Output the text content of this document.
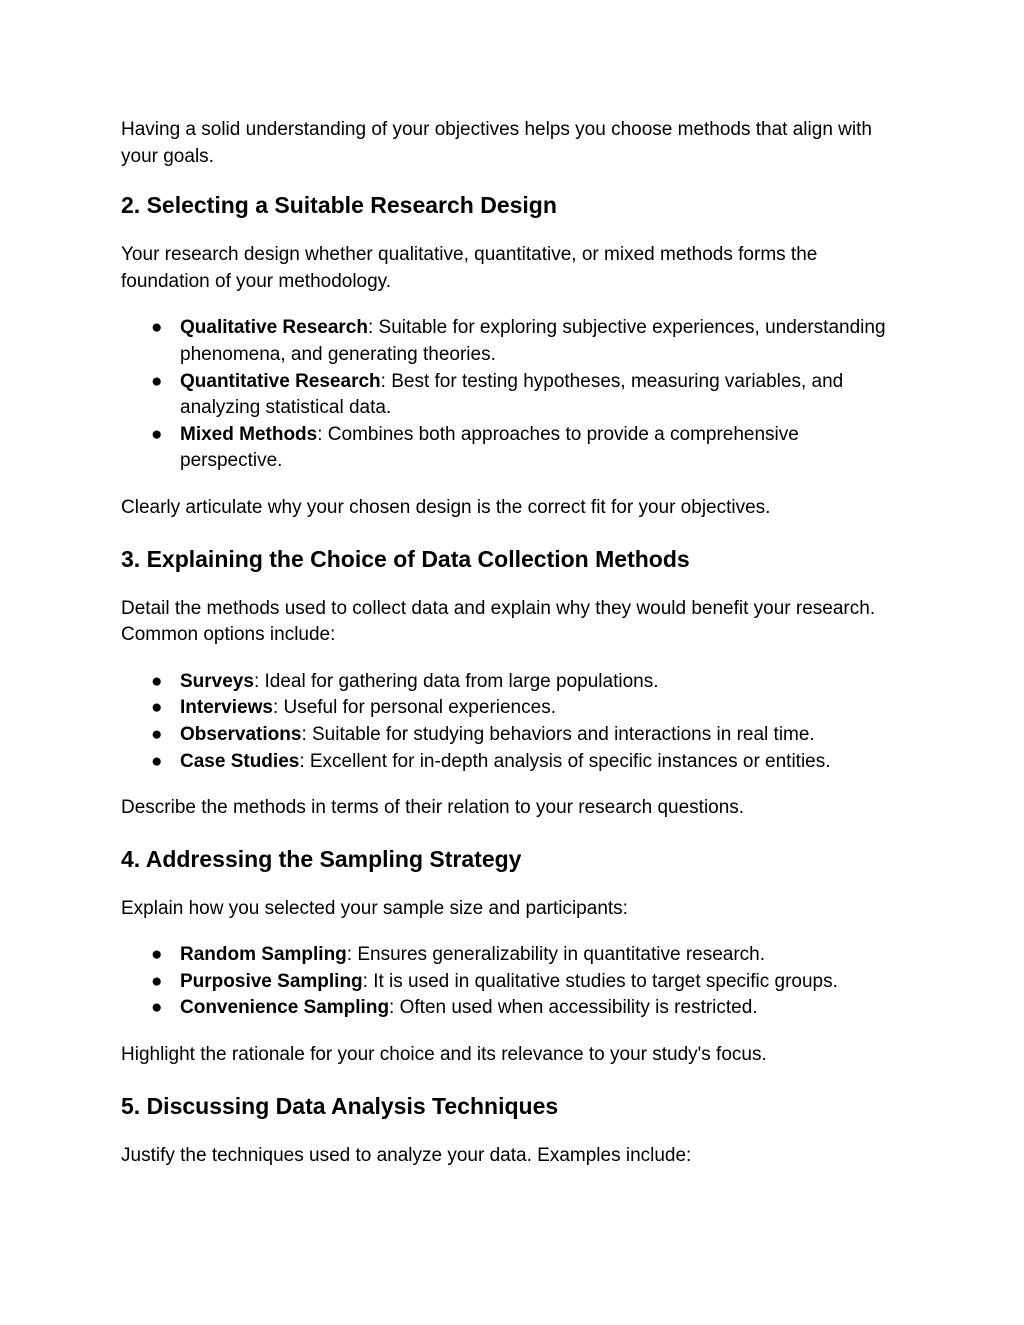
Having a solid understanding of your objectives helps you choose methods that align with your goals.

2. Selecting a Suitable Research Design

Your research design whether qualitative, quantitative, or mixed methods forms the foundation of your methodology.

● Qualitative Research: Suitable for exploring subjective experiences, understanding phenomena, and generating theories.
● Quantitative Research: Best for testing hypotheses, measuring variables, and analyzing statistical data.
● Mixed Methods: Combines both approaches to provide a comprehensive perspective.

Clearly articulate why your chosen design is the correct fit for your objectives.

3. Explaining the Choice of Data Collection Methods

Detail the methods used to collect data and explain why they would benefit your research. Common options include:

● Surveys: Ideal for gathering data from large populations.
● Interviews: Useful for personal experiences.
● Observations: Suitable for studying behaviors and interactions in real time.
● Case Studies: Excellent for in-depth analysis of specific instances or entities.

Describe the methods in terms of their relation to your research questions.

4. Addressing the Sampling Strategy

Explain how you selected your sample size and participants:

● Random Sampling: Ensures generalizability in quantitative research.
● Purposive Sampling: It is used in qualitative studies to target specific groups.
● Convenience Sampling: Often used when accessibility is restricted.

Highlight the rationale for your choice and its relevance to your study's focus.

5. Discussing Data Analysis Techniques

Justify the techniques used to analyze your data. Examples include:
